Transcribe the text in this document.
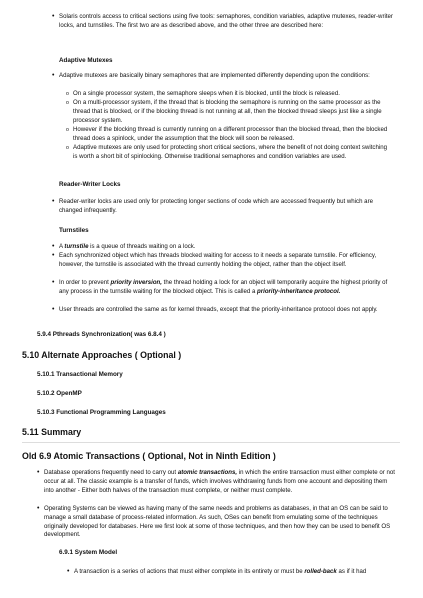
• Solaris controls access to critical sections using five tools: semaphores, condition variables, adaptive mutexes, reader-writer locks, and turnstiles. The first two are as described above, and the other three are described here:
Adaptive Mutexes
• Adaptive mutexes are basically binary semaphores that are implemented differently depending upon the conditions:
o On a single processor system, the semaphore sleeps when it is blocked, until the block is released.
o On a multi-processor system, if the thread that is blocking the semaphore is running on the same processor as the thread that is blocked, or if the blocking thread is not running at all, then the blocked thread sleeps just like a single processor system.
o However if the blocking thread is currently running on a different processor than the blocked thread, then the blocked thread does a spinlock, under the assumption that the block will soon be released.
o Adaptive mutexes are only used for protecting short critical sections, where the benefit of not doing context switching is worth a short bit of spinlocking. Otherwise traditional semaphores and condition variables are used.
Reader-Writer Locks
• Reader-writer locks are used only for protecting longer sections of code which are accessed frequently but which are changed infrequently.
Turnstiles
• A turnstile is a queue of threads waiting on a lock.
• Each synchronized object which has threads blocked waiting for access to it needs a separate turnstile. For efficiency, however, the turnstile is associated with the thread currently holding the object, rather than the object itself.
• In order to prevent priority inversion, the thread holding a lock for an object will temporarily acquire the highest priority of any process in the turnstile waiting for the blocked object. This is called a priority-inheritance protocol.
• User threads are controlled the same as for kernel threads, except that the priority-inheritance protocol does not apply.
5.9.4 Pthreads Synchronization( was 6.8.4 )
5.10 Alternate Approaches ( Optional )
5.10.1 Transactional Memory
5.10.2 OpenMP
5.10.3 Functional Programming Languages
5.11 Summary
Old 6.9 Atomic Transactions ( Optional, Not in Ninth Edition )
• Database operations frequently need to carry out atomic transactions, in which the entire transaction must either complete or not occur at all. The classic example is a transfer of funds, which involves withdrawing funds from one account and depositing them into another - Either both halves of the transaction must complete, or neither must complete.
• Operating Systems can be viewed as having many of the same needs and problems as databases, in that an OS can be said to manage a small database of process-related information. As such, OSes can benefit from emulating some of the techniques originally developed for databases. Here we first look at some of those techniques, and then how they can be used to benefit OS development.
6.9.1 System Model
• A transaction is a series of actions that must either complete in its entirety or must be rolled-back as if it had
